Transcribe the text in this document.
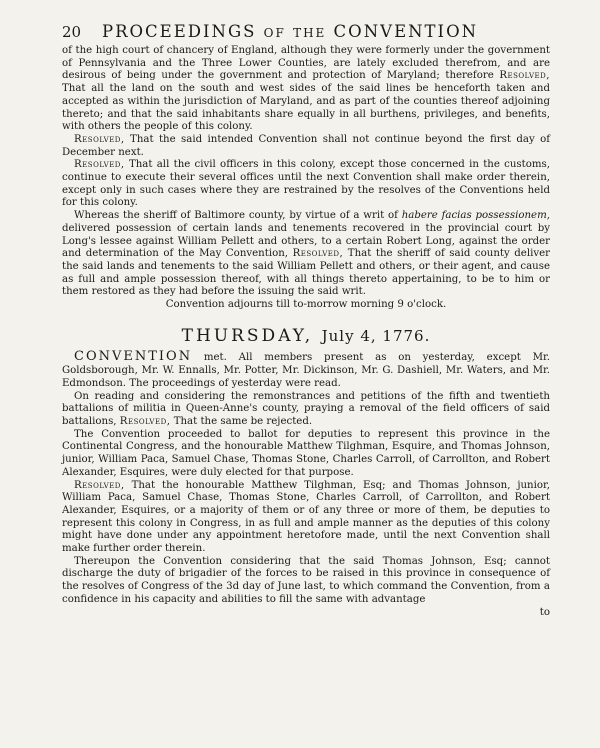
20	PROCEEDINGS of the CONVENTION

of the high court of chancery of England, although they were formerly under the government of Pennsylvania and the Three Lower Counties, are lately excluded therefrom, and are desirous of being under the government and protection of Maryland; therefore Resolved, That all the land on the south and west sides of the said lines be henceforth taken and accepted as within the jurisdiction of Maryland, and as part of the counties thereof adjoining thereto; and that the said inhabitants share equally in all burthens, privileges, and benefits, with others the people of this colony.

Resolved, That the said intended Convention shall not continue beyond the first day of December next.

Resolved, That all the civil officers in this colony, except those concerned in the customs, continue to execute their several offices until the next Convention shall make order therein, except only in such cases where they are restrained by the resolves of the Conventions held for this colony.

Whereas the sheriff of Baltimore county, by virtue of a writ of habere facias possessionem, delivered possession of certain lands and tenements recovered in the provincial court by Long's lessee against William Pellett and others, to a certain Robert Long, against the order and determination of the May Convention, Resolved, That the sheriff of said county deliver the said lands and tenements to the said William Pellett and others, or their agent, and cause as full and ample possession thereof, with all things thereto appertaining, to be to him or them restored as they had before the issuing the said writ.

Convention adjourns till to-morrow morning 9 o'clock.

THURSDAY, July 4, 1776.

CONVENTION met. All members present as on yesterday, except Mr. Goldsborough, Mr. W. Ennalls, Mr. Potter, Mr. Dickinson, Mr. G. Dashiell, Mr. Waters, and Mr. Edmondson. The proceedings of yesterday were read.

On reading and considering the remonstrances and petitions of the fifth and twentieth battalions of militia in Queen-Anne's county, praying a removal of the field officers of said battalions, Resolved, That the same be rejected.

The Convention proceeded to ballot for deputies to represent this province in the Continental Congress, and the honourable Matthew Tilghman, Esquire, and Thomas Johnson, junior, William Paca, Samuel Chase, Thomas Stone, Charles Carroll, of Carrollton, and Robert Alexander, Esquires, were duly elected for that purpose.

Resolved, That the honourable Matthew Tilghman, Esq; and Thomas Johnson, junior, William Paca, Samuel Chase, Thomas Stone, Charles Carroll, of Carrollton, and Robert Alexander, Esquires, or a majority of them or of any three or more of them, be deputies to represent this colony in Congress, in as full and ample manner as the deputies of this colony might have done under any appointment heretofore made, until the next Convention shall make further order therein.

Thereupon the Convention considering that the said Thomas Johnson, Esq; cannot discharge the duty of brigadier of the forces to be raised in this province in consequence of the resolves of Congress of the 3d day of June last, to which command the Convention, from a confidence in his capacity and abilities to fill the same with advantage

to
